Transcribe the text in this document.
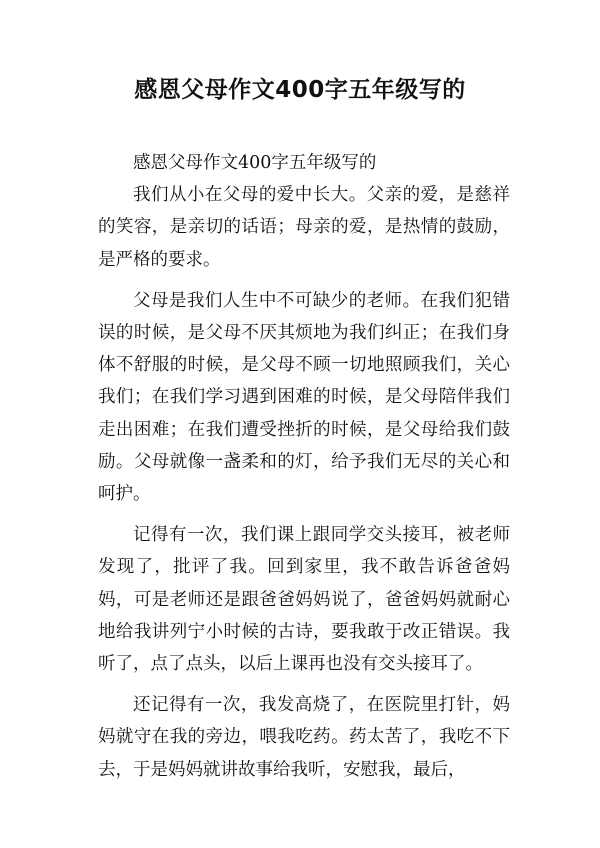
感恩父母作文400字五年级写的

感恩父母作文400字五年级写的

我们从小在父母的爱中长大。父亲的爱，是慈祥的笑容，是亲切的话语；母亲的爱，是热情的鼓励，是严格的要求。

父母是我们人生中不可缺少的老师。在我们犯错误的时候，是父母不厌其烦地为我们纠正；在我们身体不舒服的时候，是父母不顾一切地照顾我们，关心我们；在我们学习遇到困难的时候，是父母陪伴我们走出困难；在我们遭受挫折的时候，是父母给我们鼓励。父母就像一盏柔和的灯，给予我们无尽的关心和呵护。

记得有一次，我们课上跟同学交头接耳，被老师发现了，批评了我。回到家里，我不敢告诉爸爸妈妈，可是老师还是跟爸爸妈妈说了，爸爸妈妈就耐心地给我讲列宁小时候的古诗，要我敢于改正错误。我听了，点了点头，以后上课再也没有交头接耳了。

还记得有一次，我发高烧了，在医院里打针，妈妈就守在我的旁边，喂我吃药。药太苦了，我吃不下去，于是妈妈就讲故事给我听，安慰我，最后，
